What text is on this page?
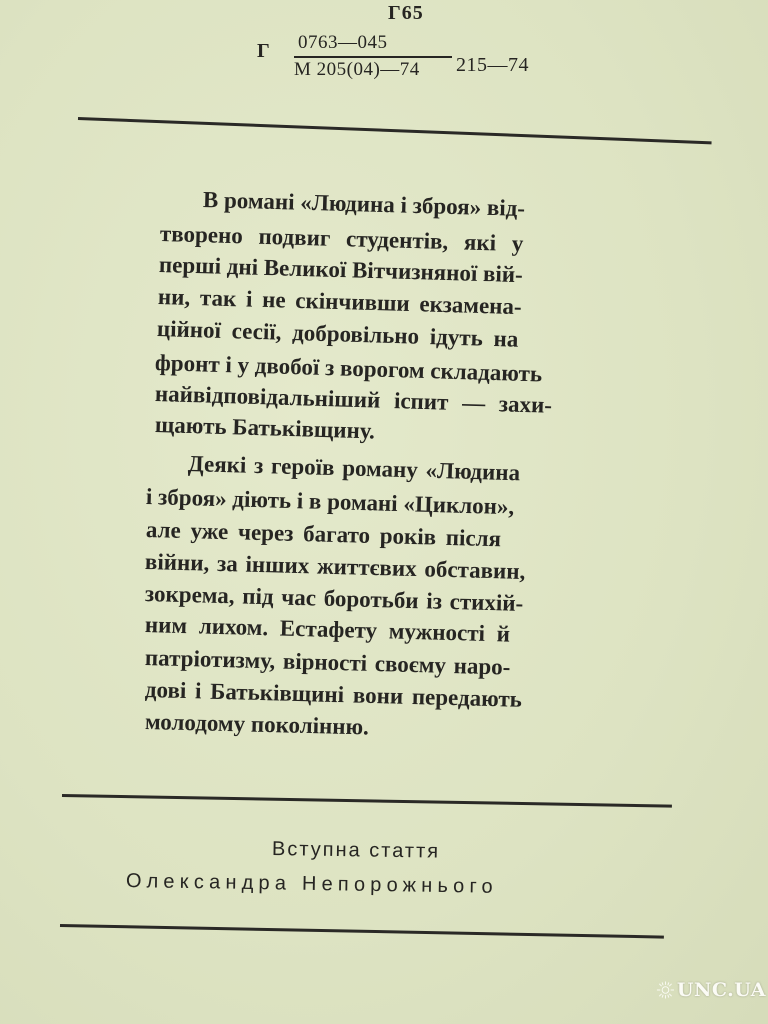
Г65
Г 0763—045
М 205(04)—74	215—74
В романі «Людина і зброя» від-
творено подвиг студентів, які у
перші дні Великої Вітчизняної вій-
ни, так і не скінчивши екзамена-
ційної сесії, добровільно ідуть на
фронт і у двобої з ворогом складають
найвідповідальніший іспит — захи-
щають Батьківщину.
Деякі з героїв роману «Людина
і зброя» діють і в романі «Циклон»,
але уже через багато років після
війни, за інших життєвих обставин,
зокрема, під час боротьби із стихій-
ним лихом. Естафету мужності й
патріотизму, вірності своєму наро-
дові і Батьківщині вони передають
молодому поколінню.
Вступна стаття
Олександра Непорожнього
UNC.UA
